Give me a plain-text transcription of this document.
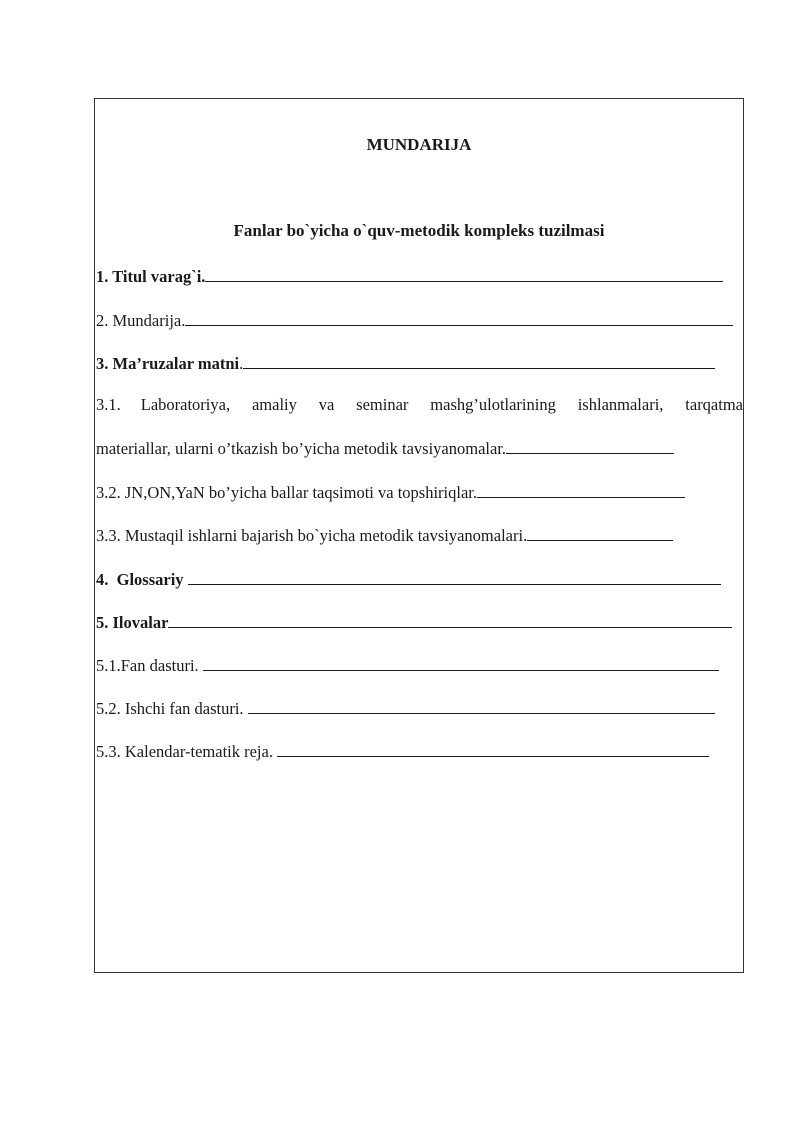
MUNDARIJA

Fanlar bo`yicha o`quv-metodik kompleks tuzilmasi

1. Titul varag`i.
2. Mundarija.
3. Ma’ruzalar matni.
3.1. Laboratoriya, amaliy va seminar mashg’ulotlarining ishlanmalari, tarqatma
materiallar, ularni o’tkazish bo’yicha metodik tavsiyanomalar.
3.2. JN,ON,YaN bo’yicha ballar taqsimoti va topshiriqlar.
3.3. Mustaqil ishlarni bajarish bo`yicha metodik tavsiyanomalari.
4. Glossariy
5. Ilovalar
5.1.Fan dasturi.
5.2. Ishchi fan dasturi.
5.3. Kalendar-tematik reja.
